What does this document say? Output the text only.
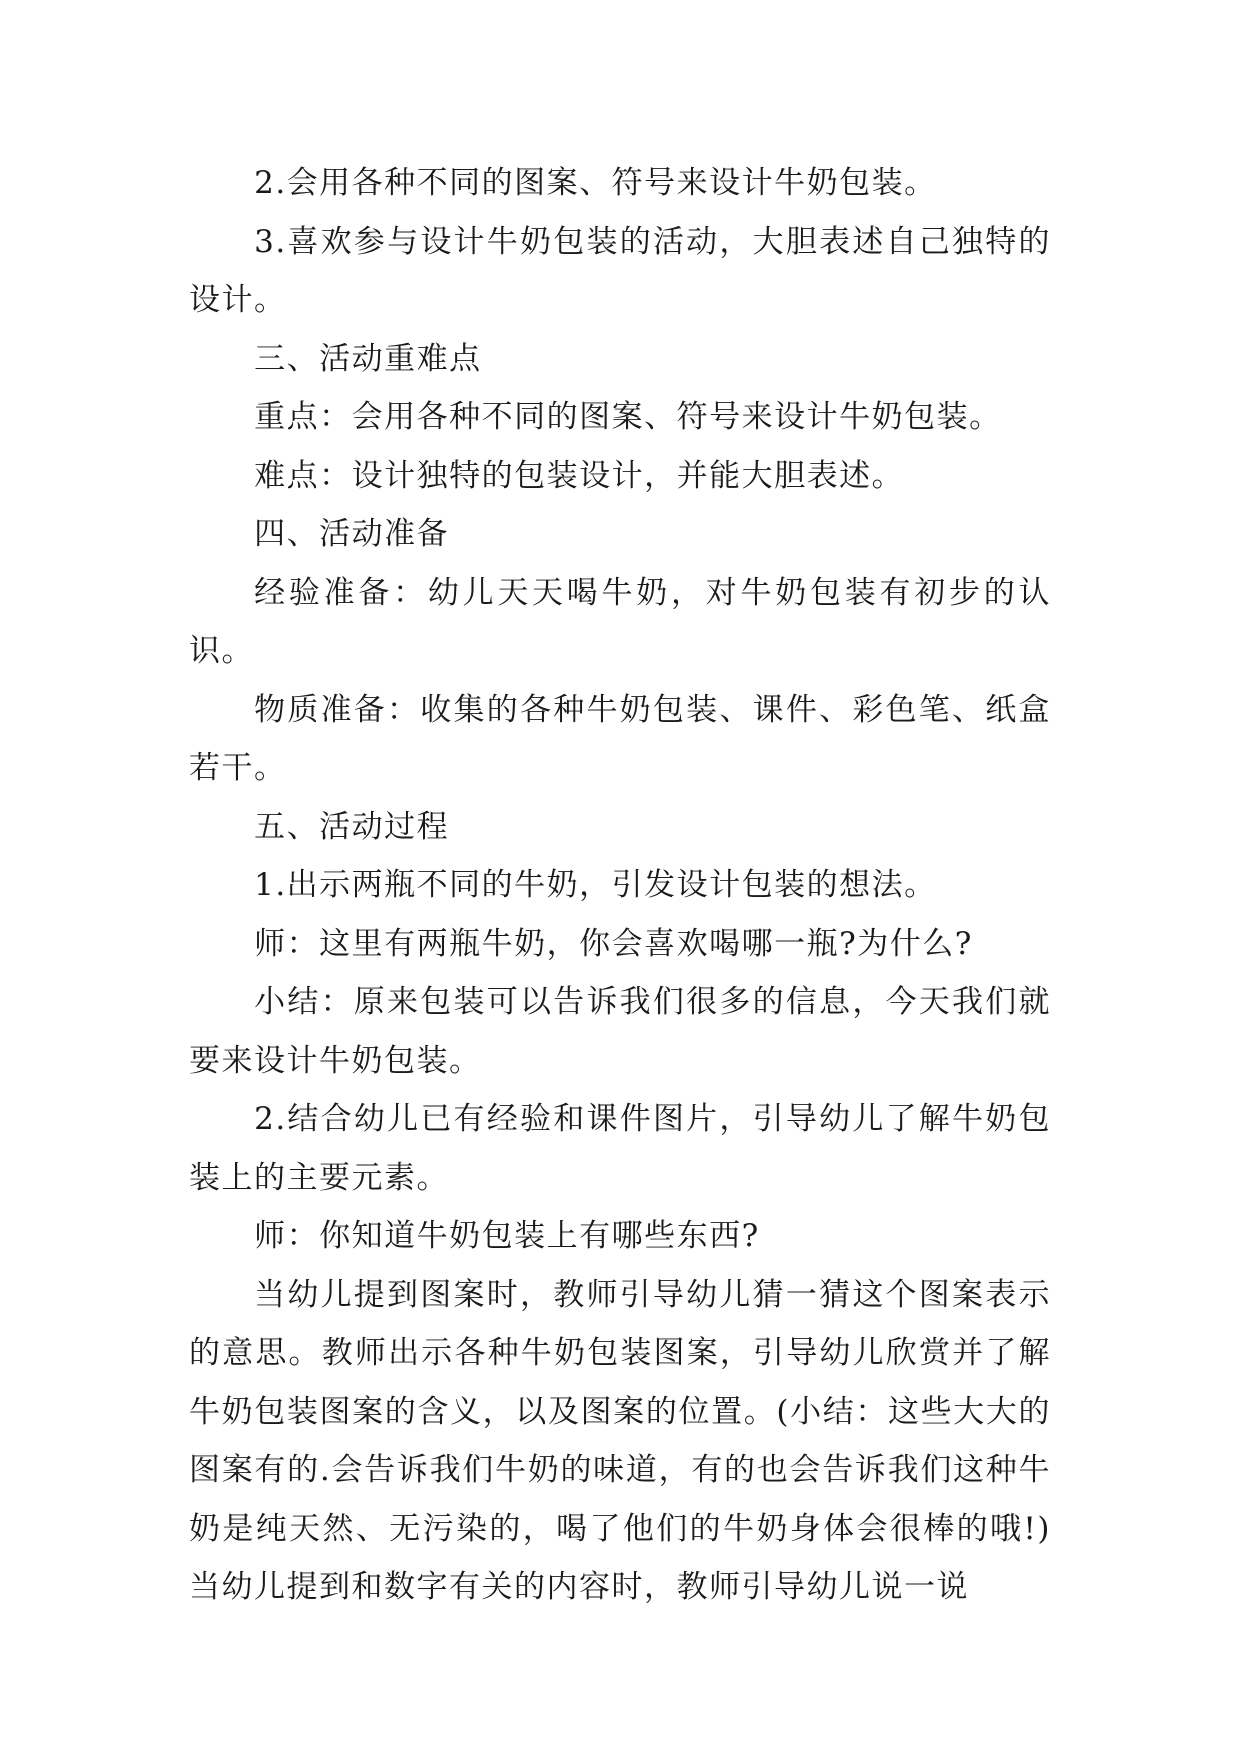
2.会用各种不同的图案、符号来设计牛奶包装。

3.喜欢参与设计牛奶包装的活动，大胆表述自己独特的设计。

三、活动重难点

重点：会用各种不同的图案、符号来设计牛奶包装。

难点：设计独特的包装设计，并能大胆表述。

四、活动准备

经验准备：幼儿天天喝牛奶，对牛奶包装有初步的认识。

物质准备：收集的各种牛奶包装、课件、彩色笔、纸盒若干。

五、活动过程

1.出示两瓶不同的牛奶，引发设计包装的想法。

师：这里有两瓶牛奶，你会喜欢喝哪一瓶?为什么?

小结：原来包装可以告诉我们很多的信息，今天我们就要来设计牛奶包装。

2.结合幼儿已有经验和课件图片，引导幼儿了解牛奶包装上的主要元素。

师：你知道牛奶包装上有哪些东西?

当幼儿提到图案时，教师引导幼儿猜一猜这个图案表示的意思。教师出示各种牛奶包装图案，引导幼儿欣赏并了解牛奶包装图案的含义，以及图案的位置。(小结：这些大大的图案有的.会告诉我们牛奶的味道，有的也会告诉我们这种牛奶是纯天然、无污染的，喝了他们的牛奶身体会很棒的哦!)当幼儿提到和数字有关的内容时，教师引导幼儿说一说
